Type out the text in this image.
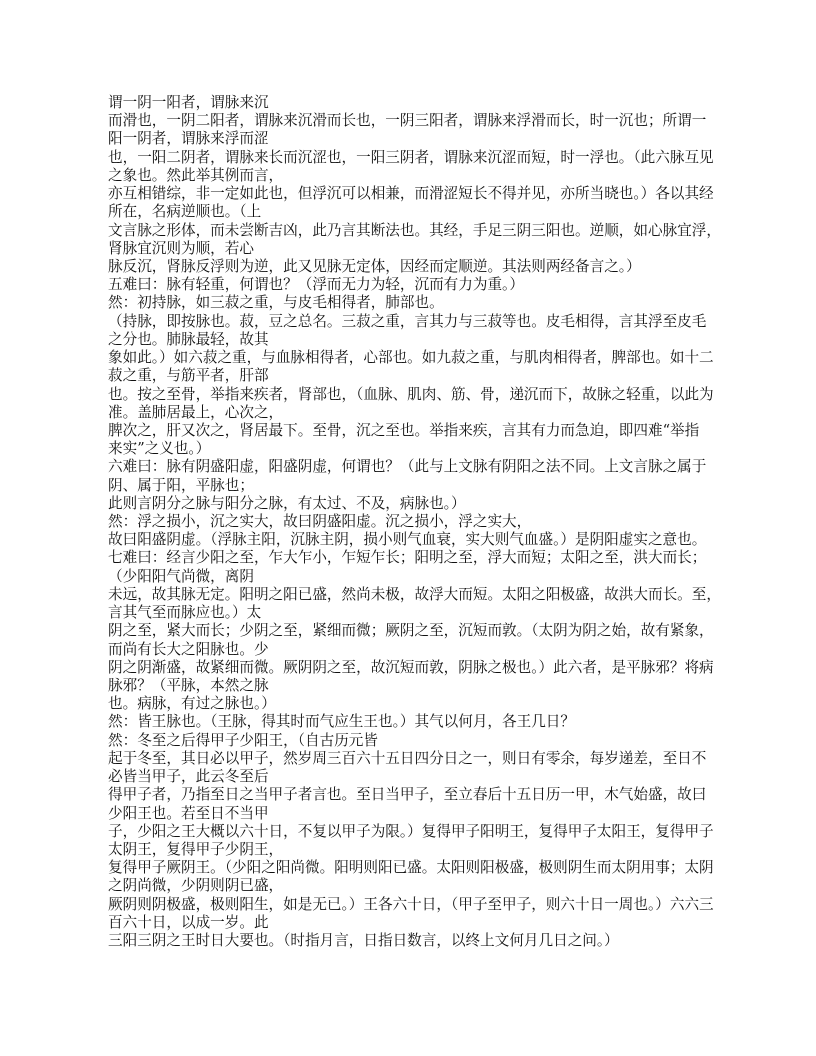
谓一阴一阳者，谓脉来沉
而滑也，一阴二阳者，谓脉来沉滑而长也，一阴三阳者，谓脉来浮滑而长，时一沉也；所谓一
阳一阴者，谓脉来浮而涩
也，一阳二阴者，谓脉来长而沉涩也，一阳三阴者，谓脉来沉涩而短，时一浮也。（此六脉互见
之象也。然此举其例而言，
亦互相错综，非一定如此也，但浮沉可以相兼，而滑涩短长不得并见，亦所当晓也。）各以其经
所在，名病逆顺也。（上
文言脉之形体，而未尝断吉凶，此乃言其断法也。其经，手足三阴三阳也。逆顺，如心脉宜浮，
肾脉宜沉则为顺，若心
脉反沉，肾脉反浮则为逆，此又见脉无定体，因经而定顺逆。其法则两经备言之。）
五难曰：脉有轻重，何谓也？（浮而无力为轻，沉而有力为重。）
然：初持脉，如三菽之重，与皮毛相得者，肺部也。
（持脉，即按脉也。菽，豆之总名。三菽之重，言其力与三菽等也。皮毛相得，言其浮至皮毛
之分也。肺脉最轻，故其
象如此。）如六菽之重，与血脉相得者，心部也。如九菽之重，与肌肉相得者，脾部也。如十二
菽之重，与筋平者，肝部
也。按之至骨，举指来疾者，肾部也，（血脉、肌肉、筋、骨，递沉而下，故脉之轻重，以此为
准。盖肺居最上，心次之，
脾次之，肝又次之，肾居最下。至骨，沉之至也。举指来疾，言其有力而急迫，即四难“举指
来实”之义也。）
六难曰：脉有阴盛阳虚，阳盛阴虚，何谓也？（此与上文脉有阴阳之法不同。上文言脉之属于
阴、属于阳，平脉也；
此则言阴分之脉与阳分之脉，有太过、不及，病脉也。）
然：浮之损小，沉之实大，故曰阴盛阳虚。沉之损小，浮之实大，
故曰阳盛阴虚。（浮脉主阳，沉脉主阴，损小则气血衰，实大则气血盛。）是阴阳虚实之意也。
七难曰：经言少阳之至，乍大乍小，乍短乍长；阳明之至，浮大而短；太阳之至，洪大而长；
（少阳阳气尚微，离阴
未远，故其脉无定。阳明之阳已盛，然尚未极，故浮大而短。太阳之阳极盛，故洪大而长。至，
言其气至而脉应也。）太
阴之至，紧大而长；少阴之至，紧细而微；厥阴之至，沉短而敦。（太阴为阴之始，故有紧象，
而尚有长大之阳脉也。少
阴之阴渐盛，故紧细而微。厥阴阴之至，故沉短而敦，阴脉之极也。）此六者，是平脉邪？将病
脉邪？（平脉，本然之脉
也。病脉，有过之脉也。）
然：皆王脉也。（王脉，得其时而气应生王也。）其气以何月，各王几日？
然：冬至之后得甲子少阳王，（自古历元皆
起于冬至，其日必以甲子，然岁周三百六十五日四分日之一，则日有零余，每岁递差，至日不
必皆当甲子，此云冬至后
得甲子者，乃指至日之当甲子者言也。至日当甲子，至立春后十五日历一甲，木气始盛，故曰
少阳王也。若至日不当甲
子，少阳之王大概以六十日，不复以甲子为限。）复得甲子阳明王，复得甲子太阳王，复得甲子
太阴王，复得甲子少阴王，
复得甲子厥阴王。（少阳之阳尚微。阳明则阳已盛。太阳则阳极盛，极则阴生而太阴用事；太阴
之阴尚微，少阴则阴已盛，
厥阴则阴极盛，极则阳生，如是无已。）王各六十日，（甲子至甲子，则六十日一周也。）六六三
百六十日，以成一岁。此
三阳三阴之王时日大要也。（时指月言，日指日数言，以终上文何月几日之问。）
